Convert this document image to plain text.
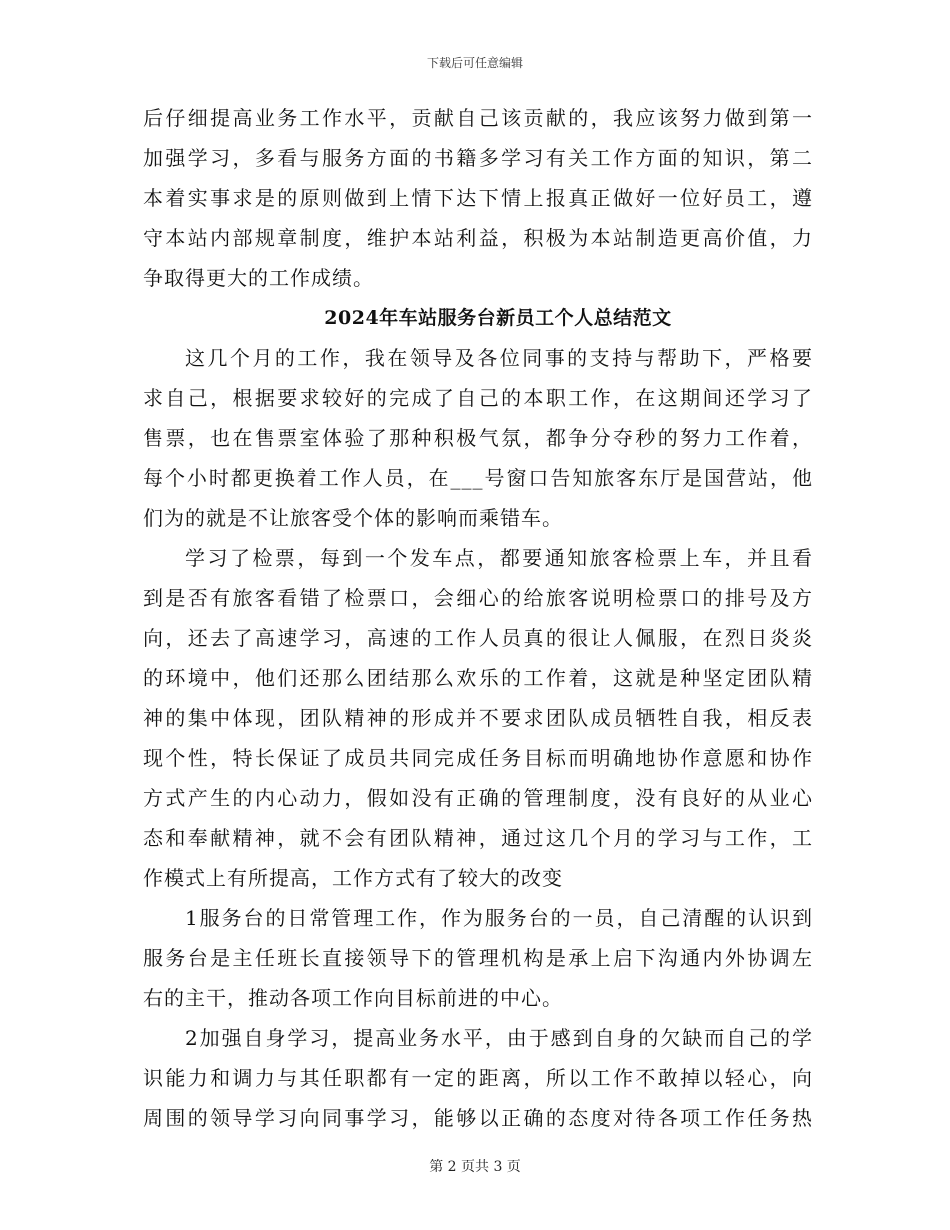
下载后可任意编辑
后仔细提高业务工作水平，贡献自己该贡献的，我应该努力做到第一
加强学习，多看与服务方面的书籍多学习有关工作方面的知识，第二
本着实事求是的原则做到上情下达下情上报真正做好一位好员工，遵
守本站内部规章制度，维护本站利益，积极为本站制造更高价值，力
争取得更大的工作成绩。
2024年车站服务台新员工个人总结范文
这几个月的工作，我在领导及各位同事的支持与帮助下，严格要
求自己，根据要求较好的完成了自己的本职工作，在这期间还学习了
售票，也在售票室体验了那种积极气氛，都争分夺秒的努力工作着，
每个小时都更换着工作人员，在___号窗口告知旅客东厅是国营站，他
们为的就是不让旅客受个体的影响而乘错车。
学习了检票，每到一个发车点，都要通知旅客检票上车，并且看
到是否有旅客看错了检票口，会细心的给旅客说明检票口的排号及方
向，还去了高速学习，高速的工作人员真的很让人佩服，在烈日炎炎
的环境中，他们还那么团结那么欢乐的工作着，这就是种坚定团队精
神的集中体现，团队精神的形成并不要求团队成员牺牲自我，相反表
现个性，特长保证了成员共同完成任务目标而明确地协作意愿和协作
方式产生的内心动力，假如没有正确的管理制度，没有良好的从业心
态和奉献精神，就不会有团队精神，通过这几个月的学习与工作，工
作模式上有所提高，工作方式有了较大的改变
1服务台的日常管理工作，作为服务台的一员，自己清醒的认识到
服务台是主任班长直接领导下的管理机构是承上启下沟通内外协调左
右的主干，推动各项工作向目标前进的中心。
2加强自身学习，提高业务水平，由于感到自身的欠缺而自己的学
识能力和调力与其任职都有一定的距离，所以工作不敢掉以轻心，向
周围的领导学习向同事学习，能够以正确的态度对待各项工作任务热
第 2 页共 3 页
